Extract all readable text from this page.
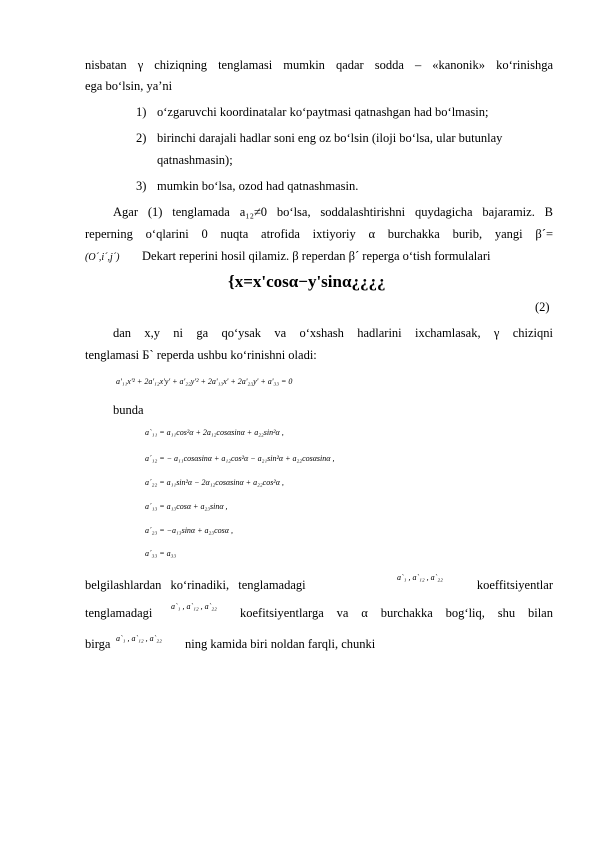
nisbatan γ chiziqning tenglamasi mumkin qadar sodda – «kanonik» ko‘rinishga
ega bo‘lsin, ya’ni
1) o‘zgaruvchi koordinatalar ko‘paytmasi qatnashgan had bo‘lmasin;
2) birinchi darajali hadlar soni eng oz bo‘lsin (iloji bo‘lsa, ular butunlay
qatnashmasin);
3) mumkin bo‘lsa, ozod had qatnashmasin.
Agar (1) tenglamada a₁₂≠0 bo‘lsa, soddalashtirishni quydagicha bajaramiz. B
reperning o‘qlarini 0 nuqta atrofida ixtiyoriy α burchakka burib, yangi β´=
(O´,i´,j´)	Dekart reperini hosil qilamiz. β reperdan β´ reperga o‘tish formulalari
{x=x'cosα−y'sinα¿¿¿¿
(2)
dan x,y ni ga qo‘ysak va o‘xshash hadlarini ixchamlasak, γ chiziqni
tenglamasi Б` reperda ushbu ko‘rinishni oladi:
a'₁₁x'² + 2a'₁₂x'y' + a'₂₂y'² + 2a'₁₃x' + 2a'₂₃y' + a'₃₃ = 0
bunda
a`₁₁ = a₁₁cos²α + 2a₁₂cosαsinα + a₂₂sin²α ,
a´₁₂ = − a₁₁cosαsinα + a₁₂cos²α − a₂₁sin²α + a₂₂cosαsinα ,
a´₂₂ = a₁₁sin²α − 2α₁₂cosαsinα + a₂₂cos²α ,
a´₁₃ = a₁₃cosα + a₂₃sinα ,
a´₂₃ = −a₁₃sinα + a₂₃cosα ,
a´₃₃ = a₃₃
belgilashlardan ko‘rinadiki, tenglamadagi
a`₁ , a`₁₂ , a`₂₂
koeffitsiyentlar
tenglamadagi	a`₁ , a`₁₂ , a`₂₂ koefitsiyentlarga va α burchakka bog‘liq, shu bilan
birga a`₁ , a`₁₂ , a`₂₂ ning kamida biri noldan farqli, chunki
